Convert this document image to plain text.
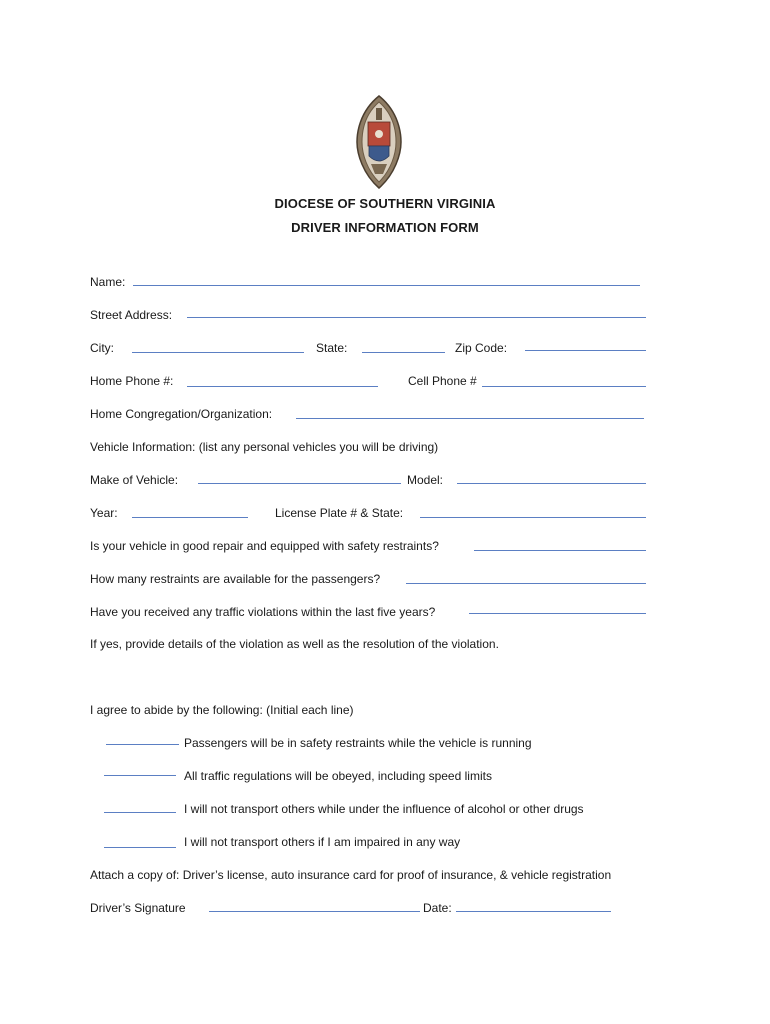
DIOCESE OF SOUTHERN VIRGINIA
DRIVER INFORMATION FORM
Name:
Street Address:
City:	State:	Zip Code:
Home Phone #:	Cell Phone #
Home Congregation/Organization:
Vehicle Information: (list any personal vehicles you will be driving)
Make of Vehicle:	Model:
Year:	License Plate # & State:
Is your vehicle in good repair and equipped with safety restraints?
How many restraints are available for the passengers?
Have you received any traffic violations within the last five years?
If yes, provide details of the violation as well as the resolution of the violation.
I agree to abide by the following: (Initial each line)
Passengers will be in safety restraints while the vehicle is running
All traffic regulations will be obeyed, including speed limits
I will not transport others while under the influence of alcohol or other drugs
I will not transport others if I am impaired in any way
Attach a copy of: Driver’s license, auto insurance card for proof of insurance, & vehicle registration
Driver’s Signature	Date:
